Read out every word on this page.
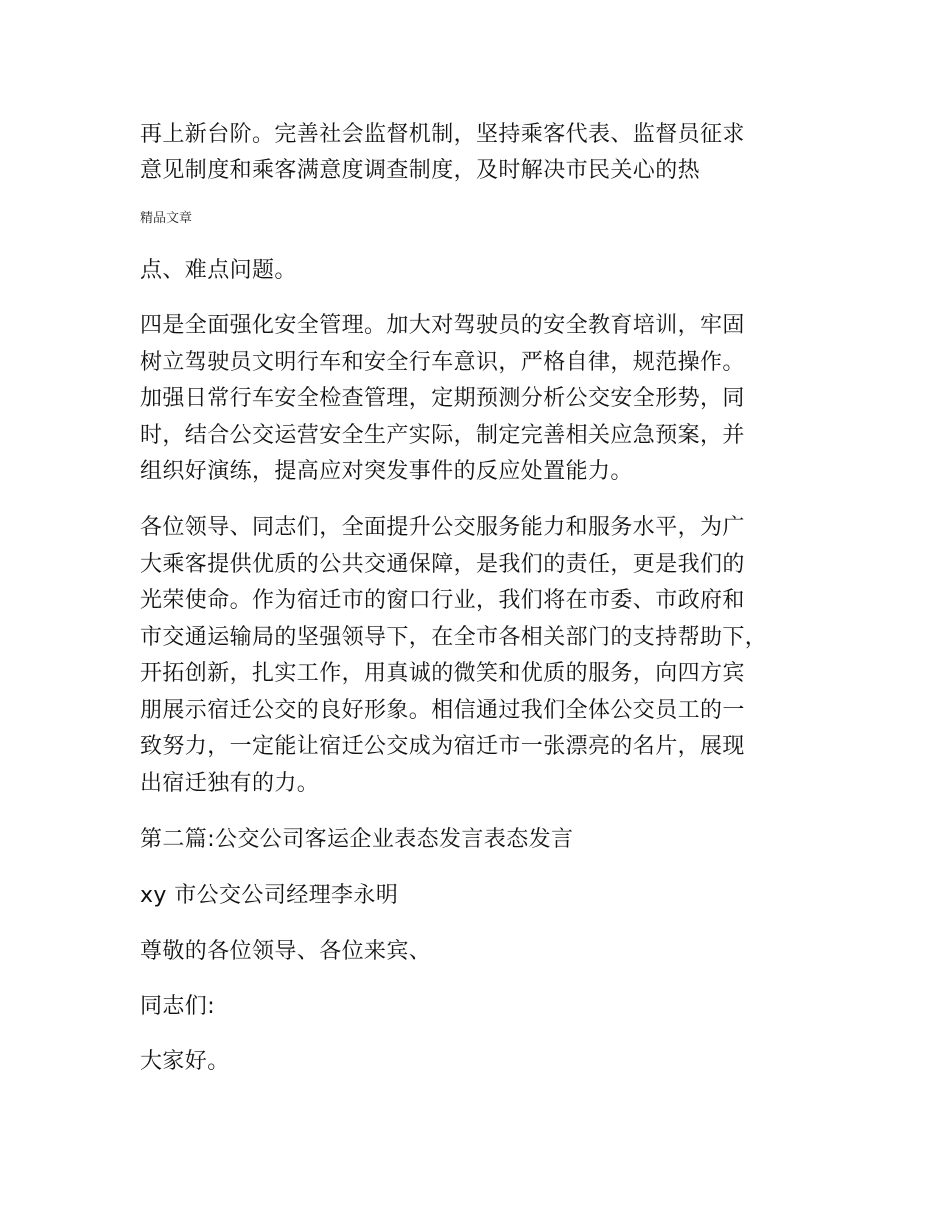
再上新台阶。完善社会监督机制，坚持乘客代表、监督员征求
意见制度和乘客满意度调查制度，及时解决市民关心的热
精品文章
点、难点问题。
四是全面强化安全管理。加大对驾驶员的安全教育培训，牢固
树立驾驶员文明行车和安全行车意识，严格自律，规范操作。
加强日常行车安全检查管理，定期预测分析公交安全形势，同
时，结合公交运营安全生产实际，制定完善相关应急预案，并
组织好演练，提高应对突发事件的反应处置能力。
各位领导、同志们，全面提升公交服务能力和服务水平，为广
大乘客提供优质的公共交通保障，是我们的责任，更是我们的
光荣使命。作为宿迁市的窗口行业，我们将在市委、市政府和
市交通运输局的坚强领导下，在全市各相关部门的支持帮助下，
开拓创新，扎实工作，用真诚的微笑和优质的服务，向四方宾
朋展示宿迁公交的良好形象。相信通过我们全体公交员工的一
致努力，一定能让宿迁公交成为宿迁市一张漂亮的名片，展现
出宿迁独有的力。
第二篇:公交公司客运企业表态发言表态发言
xy 市公交公司经理李永明
尊敬的各位领导、各位来宾、
同志们:
大家好。
